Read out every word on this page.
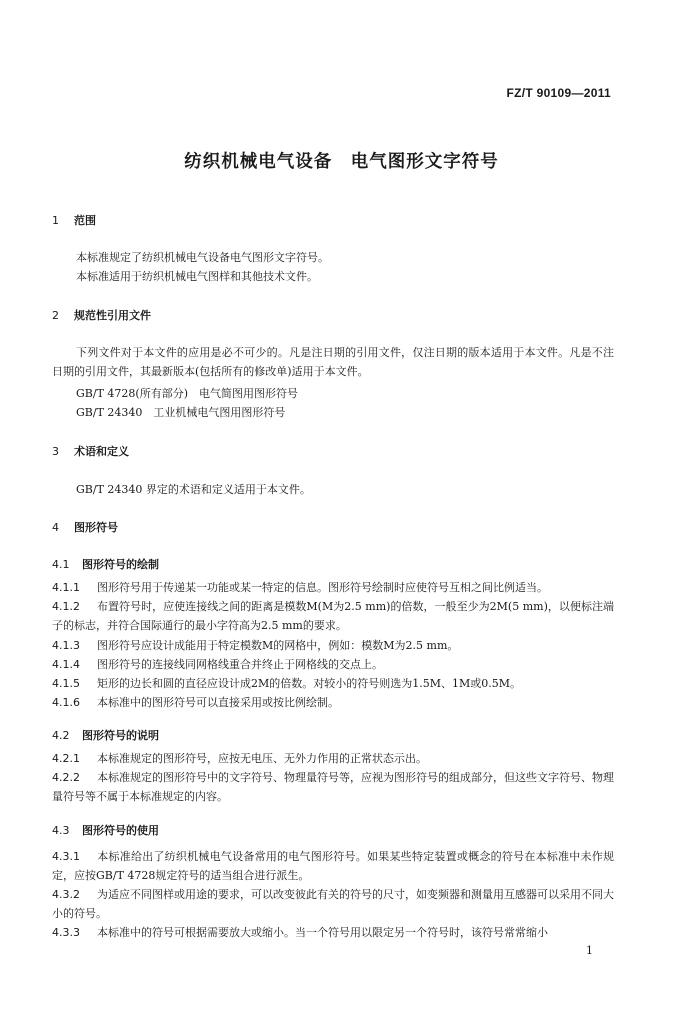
FZ/T 90109—2011
纺织机械电气设备　电气图形文字符号
1 范围
本标准规定了纺织机械电气设备电气图形文字符号。
本标准适用于纺织机械电气图样和其他技术文件。
2 规范性引用文件
下列文件对于本文件的应用是必不可少的。凡是注日期的引用文件，仅注日期的版本适用于本文件。凡是不注日期的引用文件，其最新版本(包括所有的修改单)适用于本文件。
GB/T 4728(所有部分)　电气简图用图形符号
GB/T 24340　工业机械电气图用图形符号
3 术语和定义
GB/T 24340 界定的术语和定义适用于本文件。
4 图形符号
4.1 图形符号的绘制
4.1.1 图形符号用于传递某一功能或某一特定的信息。图形符号绘制时应使符号互相之间比例适当。
4.1.2 布置符号时，应使连接线之间的距离是模数M(M为2.5 mm)的倍数，一般至少为2M(5 mm)，以便标注端子的标志，并符合国际通行的最小字符高为2.5 mm的要求。
4.1.3 图形符号应设计成能用于特定模数M的网格中，例如：模数M为2.5 mm。
4.1.4 图形符号的连接线同网格线重合并终止于网格线的交点上。
4.1.5 矩形的边长和圆的直径应设计成2M的倍数。对较小的符号则选为1.5M、1M或0.5M。
4.1.6 本标准中的图形符号可以直接采用或按比例绘制。
4.2 图形符号的说明
4.2.1 本标准规定的图形符号，应按无电压、无外力作用的正常状态示出。
4.2.2 本标准规定的图形符号中的文字符号、物理量符号等，应视为图形符号的组成部分，但这些文字符号、物理量符号等不属于本标准规定的内容。
4.3 图形符号的使用
4.3.1 本标准给出了纺织机械电气设备常用的电气图形符号。如果某些特定装置或概念的符号在本标准中未作规定，应按GB/T 4728规定符号的适当组合进行派生。
4.3.2 为适应不同图样或用途的要求，可以改变彼此有关的符号的尺寸，如变频器和测量用互感器可以采用不同大小的符号。
4.3.3 本标准中的符号可根据需要放大或缩小。当一个符号用以限定另一个符号时，该符号常常缩小
1
